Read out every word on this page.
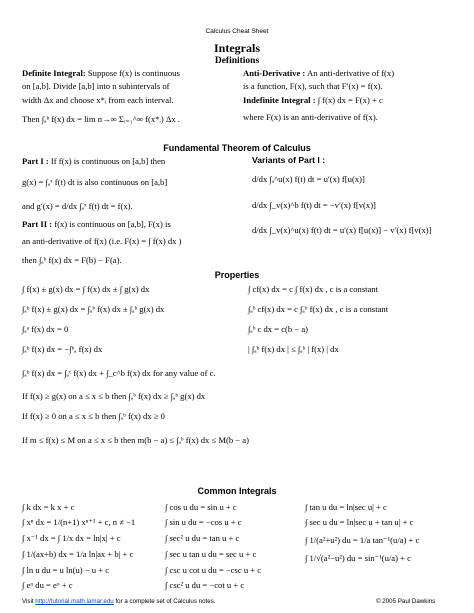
Calculus Cheat Sheet
Integrals
Definitions
Definite Integral: Suppose f(x) is continuous
on [a,b]. Divide [a,b] into n subintervals of
width Δx and choose x*ᵢ from each interval.
Then ∫ₐᵇ f(x) dx = lim n→∞ Σᵢ₌₁^∞ f(x*ᵢ) Δx .
Anti-Derivative : An anti-derivative of f(x)
is a function, F(x), such that F′(x) = f(x).
Indefinite Integral : ∫ f(x) dx = F(x) + c
where F(x) is an anti-derivative of f(x).
Fundamental Theorem of Calculus
Part I : If f(x) is continuous on [a,b] then
g(x) = ∫ₐˣ f(t) dt is also continuous on [a,b]
and g′(x) = d/dx ∫ₐˣ f(t) dt = f(x).
Part II : f(x) is continuous on [a,b], F(x) is
an anti-derivative of f(x) (i.e. F(x) = ∫ f(x) dx )
then ∫ₐᵇ f(x) dx = F(b) − F(a).
Variants of Part I :
d/dx ∫ₐ^u(x) f(t) dt = u′(x) f[u(x)]
d/dx ∫_v(x)^b f(t) dt = −v′(x) f[v(x)]
d/dx ∫_v(x)^u(x) f(t) dt = u′(x) f[u(x)] − v′(x) f[v(x)]
Properties
∫ f(x) ± g(x) dx = ∫ f(x) dx ± ∫ g(x) dx
∫ₐᵇ f(x) ± g(x) dx = ∫ₐᵇ f(x) dx ± ∫ₐᵇ g(x) dx
∫ₐᵃ f(x) dx = 0
∫ₐᵇ f(x) dx = −∫ᵇₐ f(x) dx
∫ cf(x) dx = c ∫ f(x) dx , c is a constant
∫ₐᵇ cf(x) dx = c ∫ₐᵇ f(x) dx , c is a constant
∫ₐᵇ c dx = c(b − a)
| ∫ₐᵇ f(x) dx | ≤ ∫ₐᵇ | f(x) | dx
∫ₐᵇ f(x) dx = ∫ₐᶜ f(x) dx + ∫_c^b f(x) dx for any value of c.
If f(x) ≥ g(x) on a ≤ x ≤ b then ∫ₐᵇ f(x) dx ≥ ∫ₐᵇ g(x) dx
If f(x) ≥ 0 on a ≤ x ≤ b then ∫ₐᵇ f(x) dx ≥ 0
If m ≤ f(x) ≤ M on a ≤ x ≤ b then m(b − a) ≤ ∫ₐᵇ f(x) dx ≤ M(b − a)
Common Integrals
∫ k dx = k x + c
∫ xⁿ dx = 1/(n+1) xⁿ⁺¹ + c, n ≠ −1
∫ x⁻¹ dx = ∫ 1/x dx = ln|x| + c
∫ 1/(ax+b) dx = 1/a ln|ax + b| + c
∫ ln u du = u ln(u) − u + c
∫ eᵘ du = eᵘ + c
∫ cos u du = sin u + c
∫ sin u du = −cos u + c
∫ sec² u du = tan u + c
∫ sec u tan u du = sec u + c
∫ csc u cot u du = −csc u + c
∫ csc² u du = −cot u + c
∫ tan u du = ln|sec u| + c
∫ sec u du = ln|sec u + tan u| + c
∫ 1/(a²+u²) du = 1/a tan⁻¹(u/a) + c
∫ 1/√(a²−u²) du = sin⁻¹(u/a) + c
Visit http://tutorial.math.lamar.edu for a complete set of Calculus notes.	© 2005 Paul Dawkins
